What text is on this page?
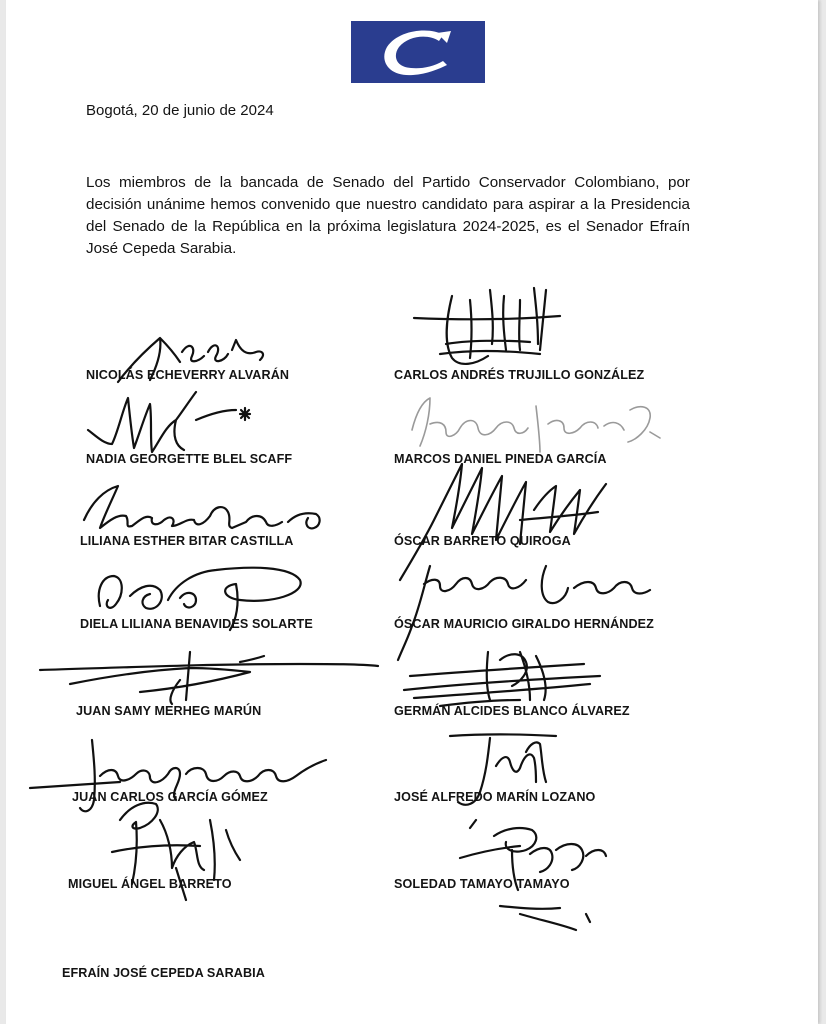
Bogotá, 20 de junio de 2024
Los miembros de la bancada de Senado del Partido Conservador Colombiano, por decisión unánime hemos convenido que nuestro candidato para aspirar a la Presidencia del Senado de la República en la próxima legislatura 2024-2025, es el Senador Efraín José Cepeda Sarabia.
NICOLÁS ECHEVERRY ALVARÁN
NADIA GEORGETTE BLEL SCAFF
LILIANA ESTHER BITAR CASTILLA
DIELA LILIANA BENAVIDES SOLARTE
JUAN SAMY MERHEG MARÚN
JUAN CARLOS GARCÍA GÓMEZ
MIGUEL ÁNGEL BARRETO
CARLOS ANDRÉS TRUJILLO GONZÁLEZ
MARCOS DANIEL PINEDA GARCÍA
ÓSCAR BARRETO QUIROGA
ÓSCAR MAURICIO GIRALDO HERNÁNDEZ
GERMÁN ALCIDES BLANCO ÁLVAREZ
JOSÉ ALFREDO MARÍN LOZANO
SOLEDAD TAMAYO TAMAYO
EFRAÍN JOSÉ CEPEDA SARABIA
